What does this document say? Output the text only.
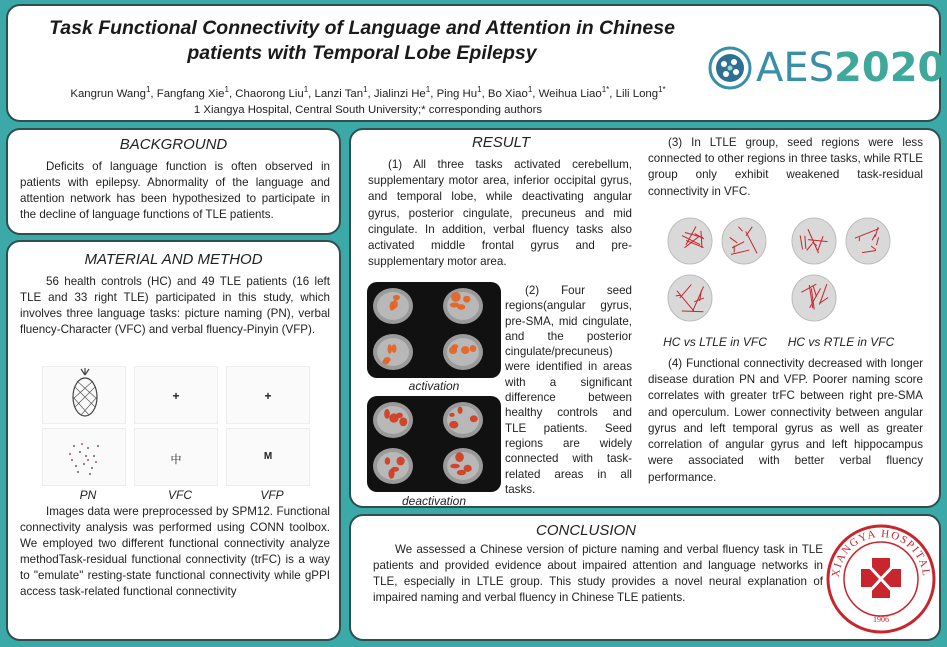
Task Functional Connectivity of Language and Attention in Chinese
patients with Temporal Lobe Epilepsy
Kangrun Wang$^1$, Fangfang Xie$^1$, Chaorong Liu$^1$, Lanzi Tan$^1$, Jialinzi He$^1$, Ping Hu$^1$, Bo Xiao$^1$, Weihua Liao$^{1*}$, Lili Long$^{1*}$
1 Xiangya Hospital, Central South University;* corresponding authors
AES2020
BACKGROUND
Deficits of language function is often observed in patients with epilepsy. Abnormality of the language and attention network has been hypothesized to participate in the decline of language functions of TLE patients.
MATERIAL AND METHOD
56 health controls (HC) and 49 TLE patients (16 left TLE and 33 right TLE) participated in this study, which involves three language tasks: picture naming (PN), verbal fluency-Character (VFC) and verbal fluency-Pinyin (VFP).
+
中
+
M
PN	VFC	VFP
Images data were preprocessed by SPM12. Functional connectivity analysis was performed using CONN toolbox. We employed two different functional connectivity analyze methodTask-residual functional connectivity (trFC) is a way to "emulate" resting-state functional connectivity while gPPI access task-related functional connectivity
RESULT
(1) All three tasks activated cerebellum, supplementary motor area, inferior occipital gyrus, and temporal lobe, while deactivating angular gyrus, posterior cingulate, precuneus and mid cingulate. In addition, verbal fluency tasks also activated middle frontal gyrus and pre-supplementary motor area.
activation
deactivation
(2) Four seed regions(angular gyrus, pre-SMA, mid cingulate, and the posterior cingulate/precuneus) were identified in areas with a significant difference between healthy controls and TLE patients. Seed regions are widely connected with task-related areas in all tasks.
(3) In LTLE group, seed regions were less connected to other regions in three tasks, while RTLE group only exhibit weakened task-residual connectivity in VFC.
HC vs LTLE in VFC	HC vs RTLE in VFC
(4) Functional connectivity decreased with longer disease duration PN and VFP. Poorer naming score correlates with greater trFC between right pre-SMA and operculum. Lower connectivity between angular gyrus and left temporal gyrus as well as greater correlation of angular gyrus and left hippocampus were associated with better verbal fluency performance.
CONCLUSION
We assessed a Chinese version of picture naming and verbal fluency task in TLE patients and provided evidence about impaired attention and language networks in TLE, especially in LTLE group. This study provides a novel neural explanation of impaired naming and verbal fluency in Chinese TLE patients.
XIANGYA HOSPITAL
1906
